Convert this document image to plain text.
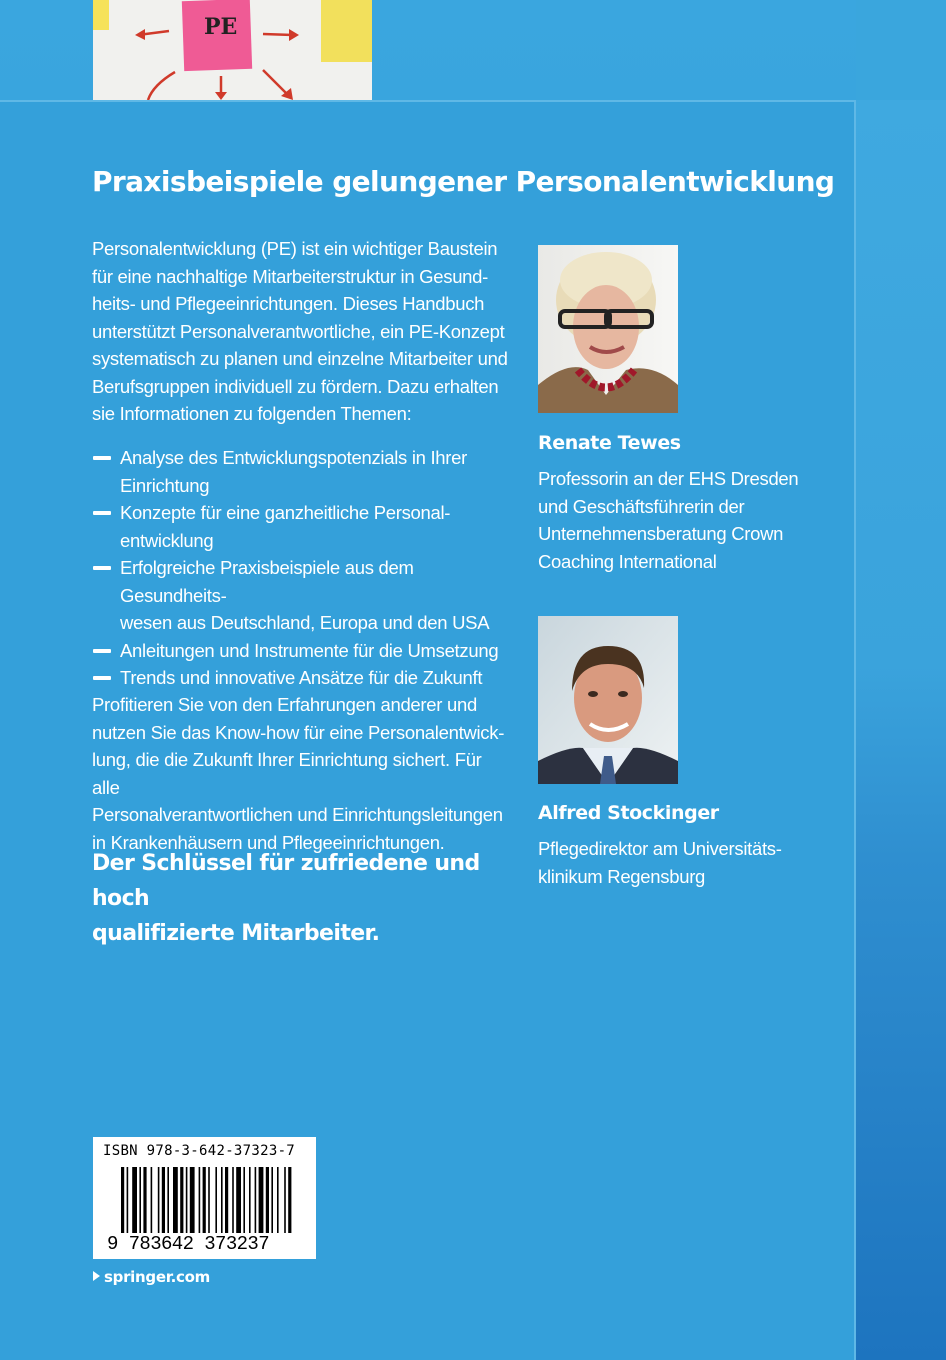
PE
Praxisbeispiele gelungener Personalentwicklung
Personalentwicklung (PE) ist ein wichtiger Baustein
für eine nachhaltige Mitarbeiterstruktur in Gesund-
heits- und Pflegeeinrichtungen. Dieses Handbuch
unterstützt Personalverantwortliche, ein PE-Konzept
systematisch zu planen und einzelne Mitarbeiter und
Berufsgruppen individuell zu fördern. Dazu erhalten
sie Informationen zu folgenden Themen:
Analyse des Entwicklungspotenzials in Ihrer
Einrichtung
Konzepte für eine ganzheitliche Personal-
entwicklung
Erfolgreiche Praxisbeispiele aus dem Gesundheits-
wesen aus Deutschland, Europa und den USA
Anleitungen und Instrumente für die Umsetzung
Trends und innovative Ansätze für die Zukunft
Profitieren Sie von den Erfahrungen anderer und
nutzen Sie das Know-how für eine Personalentwick-
lung, die die Zukunft Ihrer Einrichtung sichert. Für alle
Personalverantwortlichen und Einrichtungsleitungen
in Krankenhäusern und Pflegeeinrichtungen.
Der Schlüssel für zufriedene und hoch
qualifizierte Mitarbeiter.
Renate Tewes
Professorin an der EHS Dresden
und Geschäftsführerin der
Unternehmensberatung Crown
Coaching International
Alfred Stockinger
Pflegedirektor am Universitäts-
klinikum Regensburg
ISBN 978-3-642-37323-7
9 783642 373237
springer.com
